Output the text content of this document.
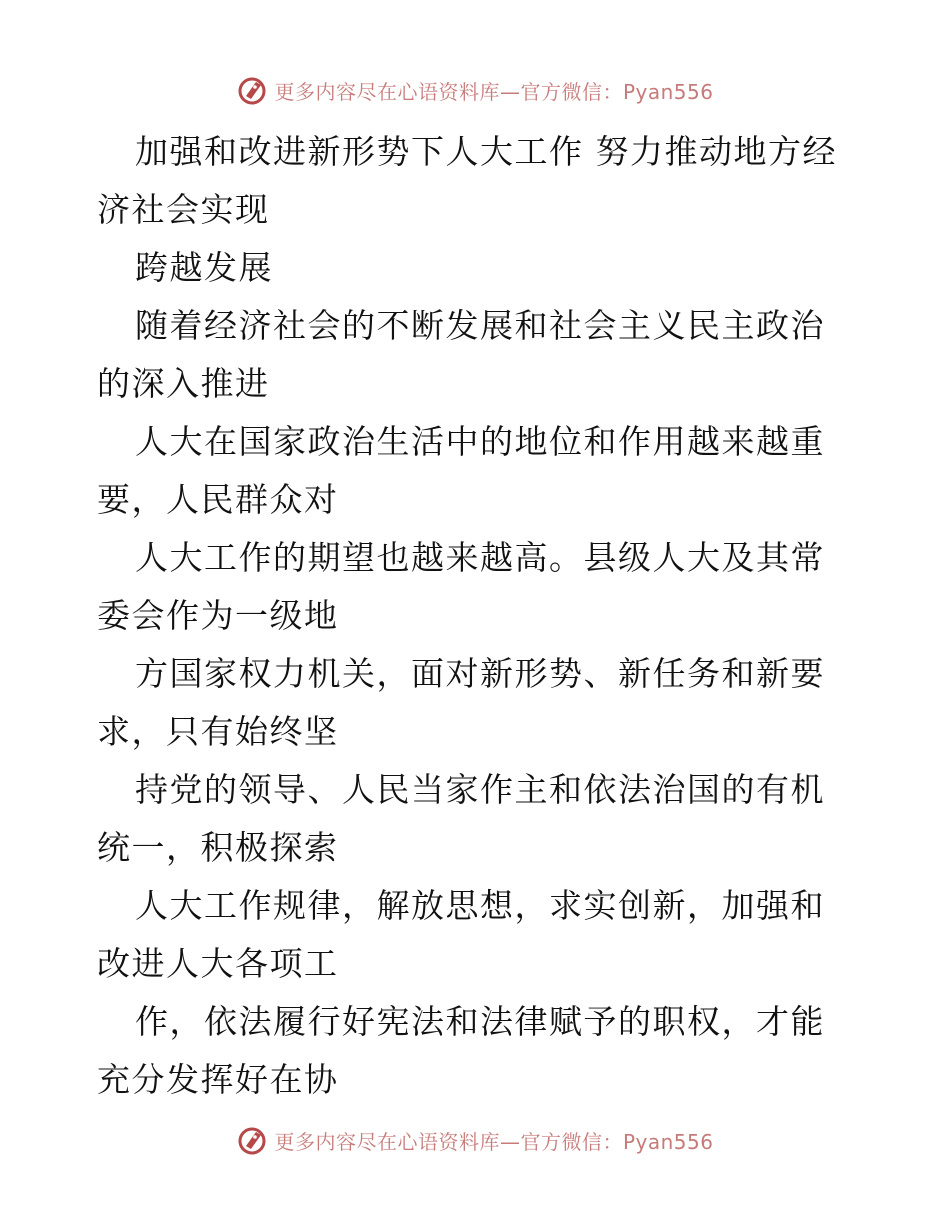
更多内容尽在心语资料库—官方微信：Pyan556

加强和改进新形势下人大工作 努力推动地方经济社会实现

跨越发展

随着经济社会的不断发展和社会主义民主政治的深入推进

人大在国家政治生活中的地位和作用越来越重要，人民群众对

人大工作的期望也越来越高。县级人大及其常委会作为一级地

方国家权力机关，面对新形势、新任务和新要求，只有始终坚

持党的领导、人民当家作主和依法治国的有机统一，积极探索

人大工作规律，解放思想，求实创新，加强和改进人大各项工

作，依法履行好宪法和法律赋予的职权，才能充分发挥好在协

更多内容尽在心语资料库—官方微信：Pyan556
